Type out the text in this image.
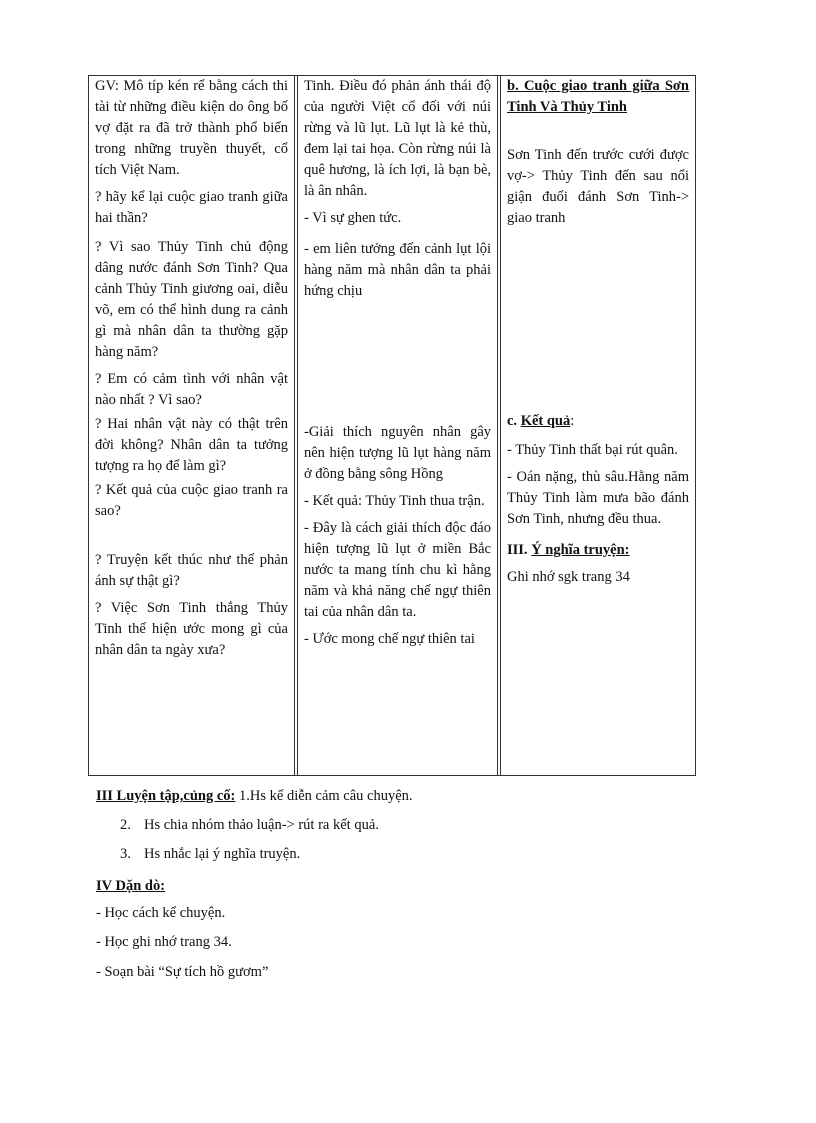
GV: Mô típ kén rể bằng cách thi tài từ những điều kiện do ông bố vợ đặt ra đã trở thành phổ biến trong những truyền thuyết, cổ tích Việt Nam.

? hãy kể lại cuộc giao tranh giữa hai thần?

? Vì sao Thủy Tinh chủ động dâng nước đánh Sơn Tinh? Qua cảnh Thủy Tinh giương oai, diễu võ, em có thể hình dung ra cảnh gì mà nhân dân ta thường gặp hàng năm?

? Em có cảm tình với nhân vật nào nhất ? Vì sao?

? Hai nhân vật này có thật trên đời không? Nhân dân ta tưởng tượng ra họ để làm gì?

? Kết quả của cuộc giao tranh ra sao?

? Truyện kết thúc như thế phản ánh sự thật gì?

? Việc Sơn Tinh thắng Thủy Tinh thể hiện ước mong gì của nhân dân ta ngày xưa?

Tinh. Điều đó phản ánh thái độ của người Việt cổ đối với núi rừng và lũ lụt. Lũ lụt là kẻ thù, đem lại tai họa. Còn rừng núi là quê hương, là ích lợi, là bạn bè, là ân nhân.

- Vì sự ghen tức.

- em liên tưởng đến cảnh lụt lội hàng năm mà nhân dân ta phải hứng chịu

-Giải thích nguyên nhân gây nên hiện tượng lũ lụt hàng năm ở đồng bằng sông Hồng

- Kết quả: Thủy Tinh thua trận.

- Đây là cách giải thích độc đáo hiện tượng lũ lụt ở miền Bắc nước ta mang tính chu kì hằng năm và khả năng chế ngự thiên tai của nhân dân ta.

- Ước mong chế ngự thiên tai

b. Cuộc giao tranh giữa Sơn Tinh Và Thủy Tinh

Sơn Tinh đến trước cưới được vợ-> Thủy Tinh đến sau nổi giận đuổi đánh Sơn Tinh-> giao tranh

c. Kết quả:

- Thủy Tinh thất bại rút quân.

- Oán nặng, thù sâu.Hằng năm Thủy Tinh làm mưa bão đánh Sơn Tinh, nhưng đều thua.

III. Ý nghĩa truyện:

Ghi nhớ sgk trang 34

III Luyện tập,củng cố: 1.Hs kể diễn cảm câu chuyện.
2. Hs chia nhóm thảo luận-> rút ra kết quả.
3. Hs nhắc lại ý nghĩa truyện.
IV Dặn dò:
- Học cách kể chuyện.
- Học ghi nhớ trang 34.
- Soạn bài “Sự tích hồ gươm”
